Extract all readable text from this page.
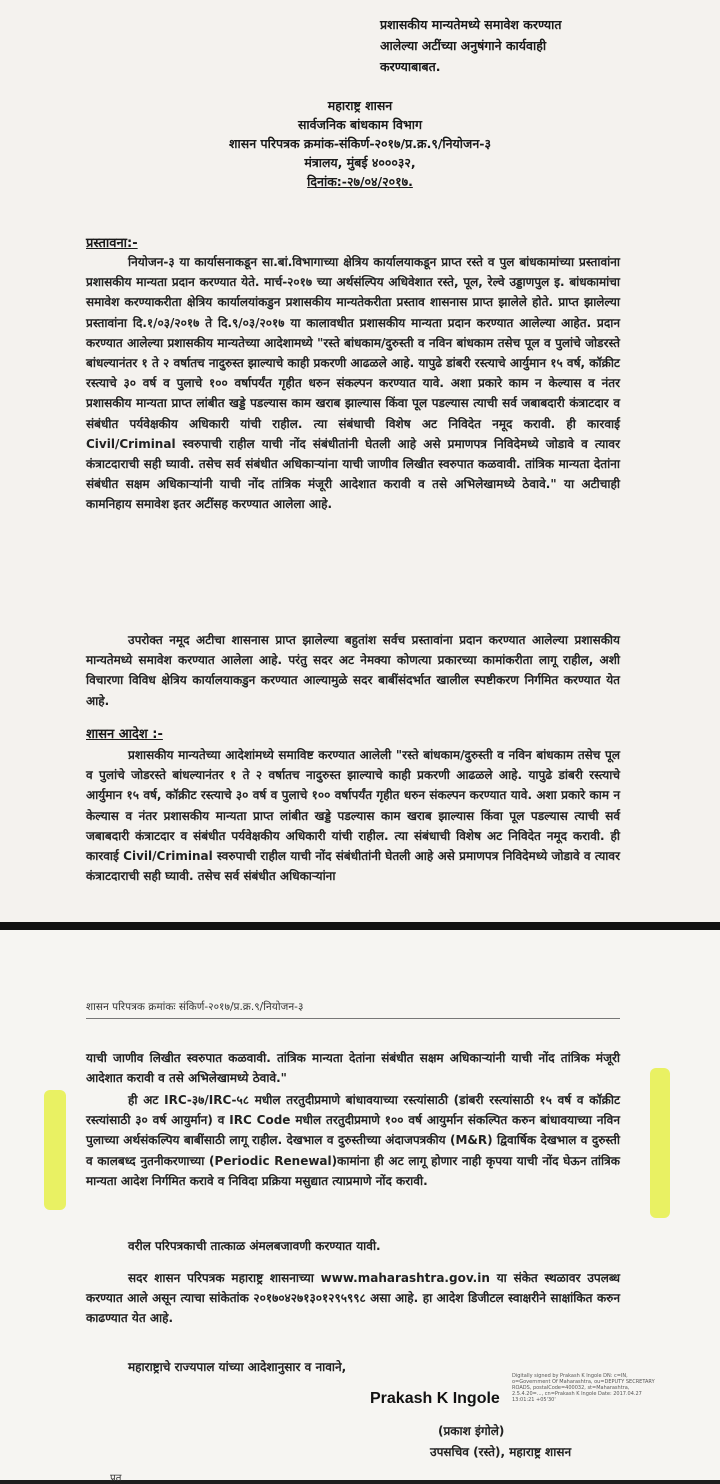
प्रशासकीय मान्यतेमध्ये समावेश करण्यात
आलेल्या अटींच्या अनुषंगाने कार्यवाही
करण्याबाबत.
महाराष्ट्र शासन
सार्वजनिक बांधकाम विभाग
शासन परिपत्रक क्रमांक-संकिर्ण-२०१७/प्र.क्र.९/नियोजन-३
मंत्रालय, मुंबई ४०००३२,
दिनांक:-२७/०४/२०१७.
प्रस्तावना:-
नियोजन-३ या कार्यासनाकडून सा.बां.विभागाच्या क्षेत्रिय कार्यालयाकडून प्राप्त रस्ते व पुल बांधकामांच्या प्रस्तावांना प्रशासकीय मान्यता प्रदान करण्यात येते. मार्च-२०१७ च्या अर्थसंल्पिय अधिवेशात रस्ते, पूल, रेल्वे उड्डाणपुल इ. बांधकामांचा समावेश करण्याकरीता क्षेत्रिय कार्यालयांकडुन प्रशासकीय मान्यतेकरीता प्रस्ताव शासनास प्राप्त झालेले होते. प्राप्त झालेल्या प्रस्तावांना दि.१/०३/२०१७ ते दि.९/०३/२०१७ या कालावधीत प्रशासकीय मान्यता प्रदान करण्यात आलेल्या आहेत. प्रदान करण्यात आलेल्या प्रशासकीय मान्यतेच्या आदेशामध्ये "रस्ते बांधकाम/दुरुस्ती व नविन बांधकाम तसेच पूल व पुलांचे जोडरस्ते बांधल्यानंतर १ ते २ वर्षातच नादुरुस्त झाल्याचे काही प्रकरणी आढळले आहे. यापुढे डांबरी रस्त्याचे आर्युमान १५ वर्ष, कॉक्रीट रस्त्याचे ३० वर्ष व पुलाचे १०० वर्षापर्यंत गृहीत धरुन संकल्पन करण्यात यावे. अशा प्रकारे काम न केल्यास व नंतर प्रशासकीय मान्यता प्राप्त लांबीत खड्डे पडल्यास काम खराब झाल्यास किंवा पूल पडल्यास त्याची सर्व जबाबदारी कंत्राटदार व संबंधीत पर्यवेक्षकीय अधिकारी यांची राहील. त्या संबंधाची विशेष अट निविदेत नमूद करावी. ही कारवाई Civil/Criminal स्वरुपाची राहील याची नोंद संबंधीतांनी घेतली आहे असे प्रमाणपत्र निविदेमध्ये जोडावे व त्यावर कंत्राटदाराची सही घ्यावी. तसेच सर्व संबंधीत अधिकाऱ्यांना याची जाणीव लिखीत स्वरुपात कळवावी. तांत्रिक मान्यता देतांना संबंधीत सक्षम अधिकाऱ्यांनी याची नोंद तांत्रिक मंजूरी आदेशात करावी व तसे अभिलेखामध्ये ठेवावे." या अटीचाही कामनिहाय समावेश इतर अटींसह करण्यात आलेला आहे.
उपरोक्त नमूद अटीचा शासनास प्राप्त झालेल्या बहुतांश सर्वच प्रस्तावांना प्रदान करण्यात आलेल्या प्रशासकीय मान्यतेमध्ये समावेश करण्यात आलेला आहे. परंतु सदर अट नेमक्या कोणत्या प्रकारच्या कामांकरीता लागू राहील, अशी विचारणा विविध क्षेत्रिय कार्यालयाकडुन करण्यात आल्यामुळे सदर बाबींसंदर्भात खालील स्पष्टीकरण निर्गमित करण्यात येत आहे.
शासन आदेश :-
प्रशासकीय मान्यतेच्या आदेशांमध्ये समाविष्ट करण्यात आलेली "रस्ते बांधकाम/दुरुस्ती व नविन बांधकाम तसेच पूल व पुलांचे जोडरस्ते बांधल्यानंतर १ ते २ वर्षातच नादुरुस्त झाल्याचे काही प्रकरणी आढळले आहे. यापुढे डांबरी रस्त्याचे आर्युमान १५ वर्ष, कॉक्रीट रस्त्याचे ३० वर्ष व पुलाचे १०० वर्षापर्यंत गृहीत धरुन संकल्पन करण्यात यावे. अशा प्रकारे काम न केल्यास व नंतर प्रशासकीय मान्यता प्राप्त लांबीत खड्डे पडल्यास काम खराब झाल्यास किंवा पूल पडल्यास त्याची सर्व जबाबदारी कंत्राटदार व संबंधीत पर्यवेक्षकीय अधिकारी यांची राहील. त्या संबंधाची विशेष अट निविदेत नमूद करावी. ही कारवाई Civil/Criminal स्वरुपाची राहील याची नोंद संबंधीतांनी घेतली आहे असे प्रमाणपत्र निविदेमध्ये जोडावे व त्यावर कंत्राटदाराची सही घ्यावी. तसेच सर्व संबंधीत अधिकाऱ्यांना
शासन परिपत्रक क्रमांकः संकिर्ण-२०१७/प्र.क्र.९/नियोजन-३
याची जाणीव लिखीत स्वरुपात कळवावी. तांत्रिक मान्यता देतांना संबंधीत सक्षम अधिकाऱ्यांनी याची नोंद तांत्रिक मंजूरी आदेशात करावी व तसे अभिलेखामध्ये ठेवावे."
ही अट IRC-३७/IRC-५८ मधील तरतुदीप्रमाणे बांधावयाच्या रस्त्यांसाठी (डांबरी रस्त्यांसाठी १५ वर्ष व कॉक्रीट रस्त्यांसाठी ३० वर्ष आयुर्मान) व IRC Code मधील तरतुदीप्रमाणे १०० वर्ष आयुर्मान संकल्पित करुन बांधावयाच्या नविन पुलाच्या अर्थसंकल्पिय बाबींसाठी लागू राहील. देखभाल व दुरुस्तीच्या अंदाजपत्रकीय (M&R) द्विवार्षिक देखभाल व दुरुस्ती व कालबध्द नुतनीकरणाच्या (Periodic Renewal)कामांना ही अट लागू होणार नाही कृपया याची नोंद घेऊन तांत्रिक मान्यता आदेश निर्गमित करावे व निविदा प्रक्रिया मसुद्यात त्याप्रमाणे नोंद करावी.
वरील परिपत्रकाची तात्काळ अंमलबजावणी करण्यात यावी.
सदर शासन परिपत्रक महाराष्ट्र शासनाच्या www.maharashtra.gov.in या संकेत स्थळावर उपलब्ध करण्यात आले असून त्याचा सांकेतांक २०१७०४२७१३०१२९५९९८ असा आहे. हा आदेश डिजीटल स्वाक्षरीने साक्षांकित करुन काढण्यात येत आहे.
महाराष्ट्राचे राज्यपाल यांच्या आदेशानुसार व नावाने,
Prakash K Ingole
Digitally signed by Prakash K Ingole DN: c=IN, o=Government Of Maharashtra, ou=DEPUTY SECRETARY ROADS, postalCode=400032, st=Maharashtra, 2.5.4.20=..., cn=Prakash K Ingole Date: 2017.04.27 13:01:21 +05'30'
(प्रकाश इंगोले)
उपसचिव (रस्ते), महाराष्ट्र शासन
प्रत
